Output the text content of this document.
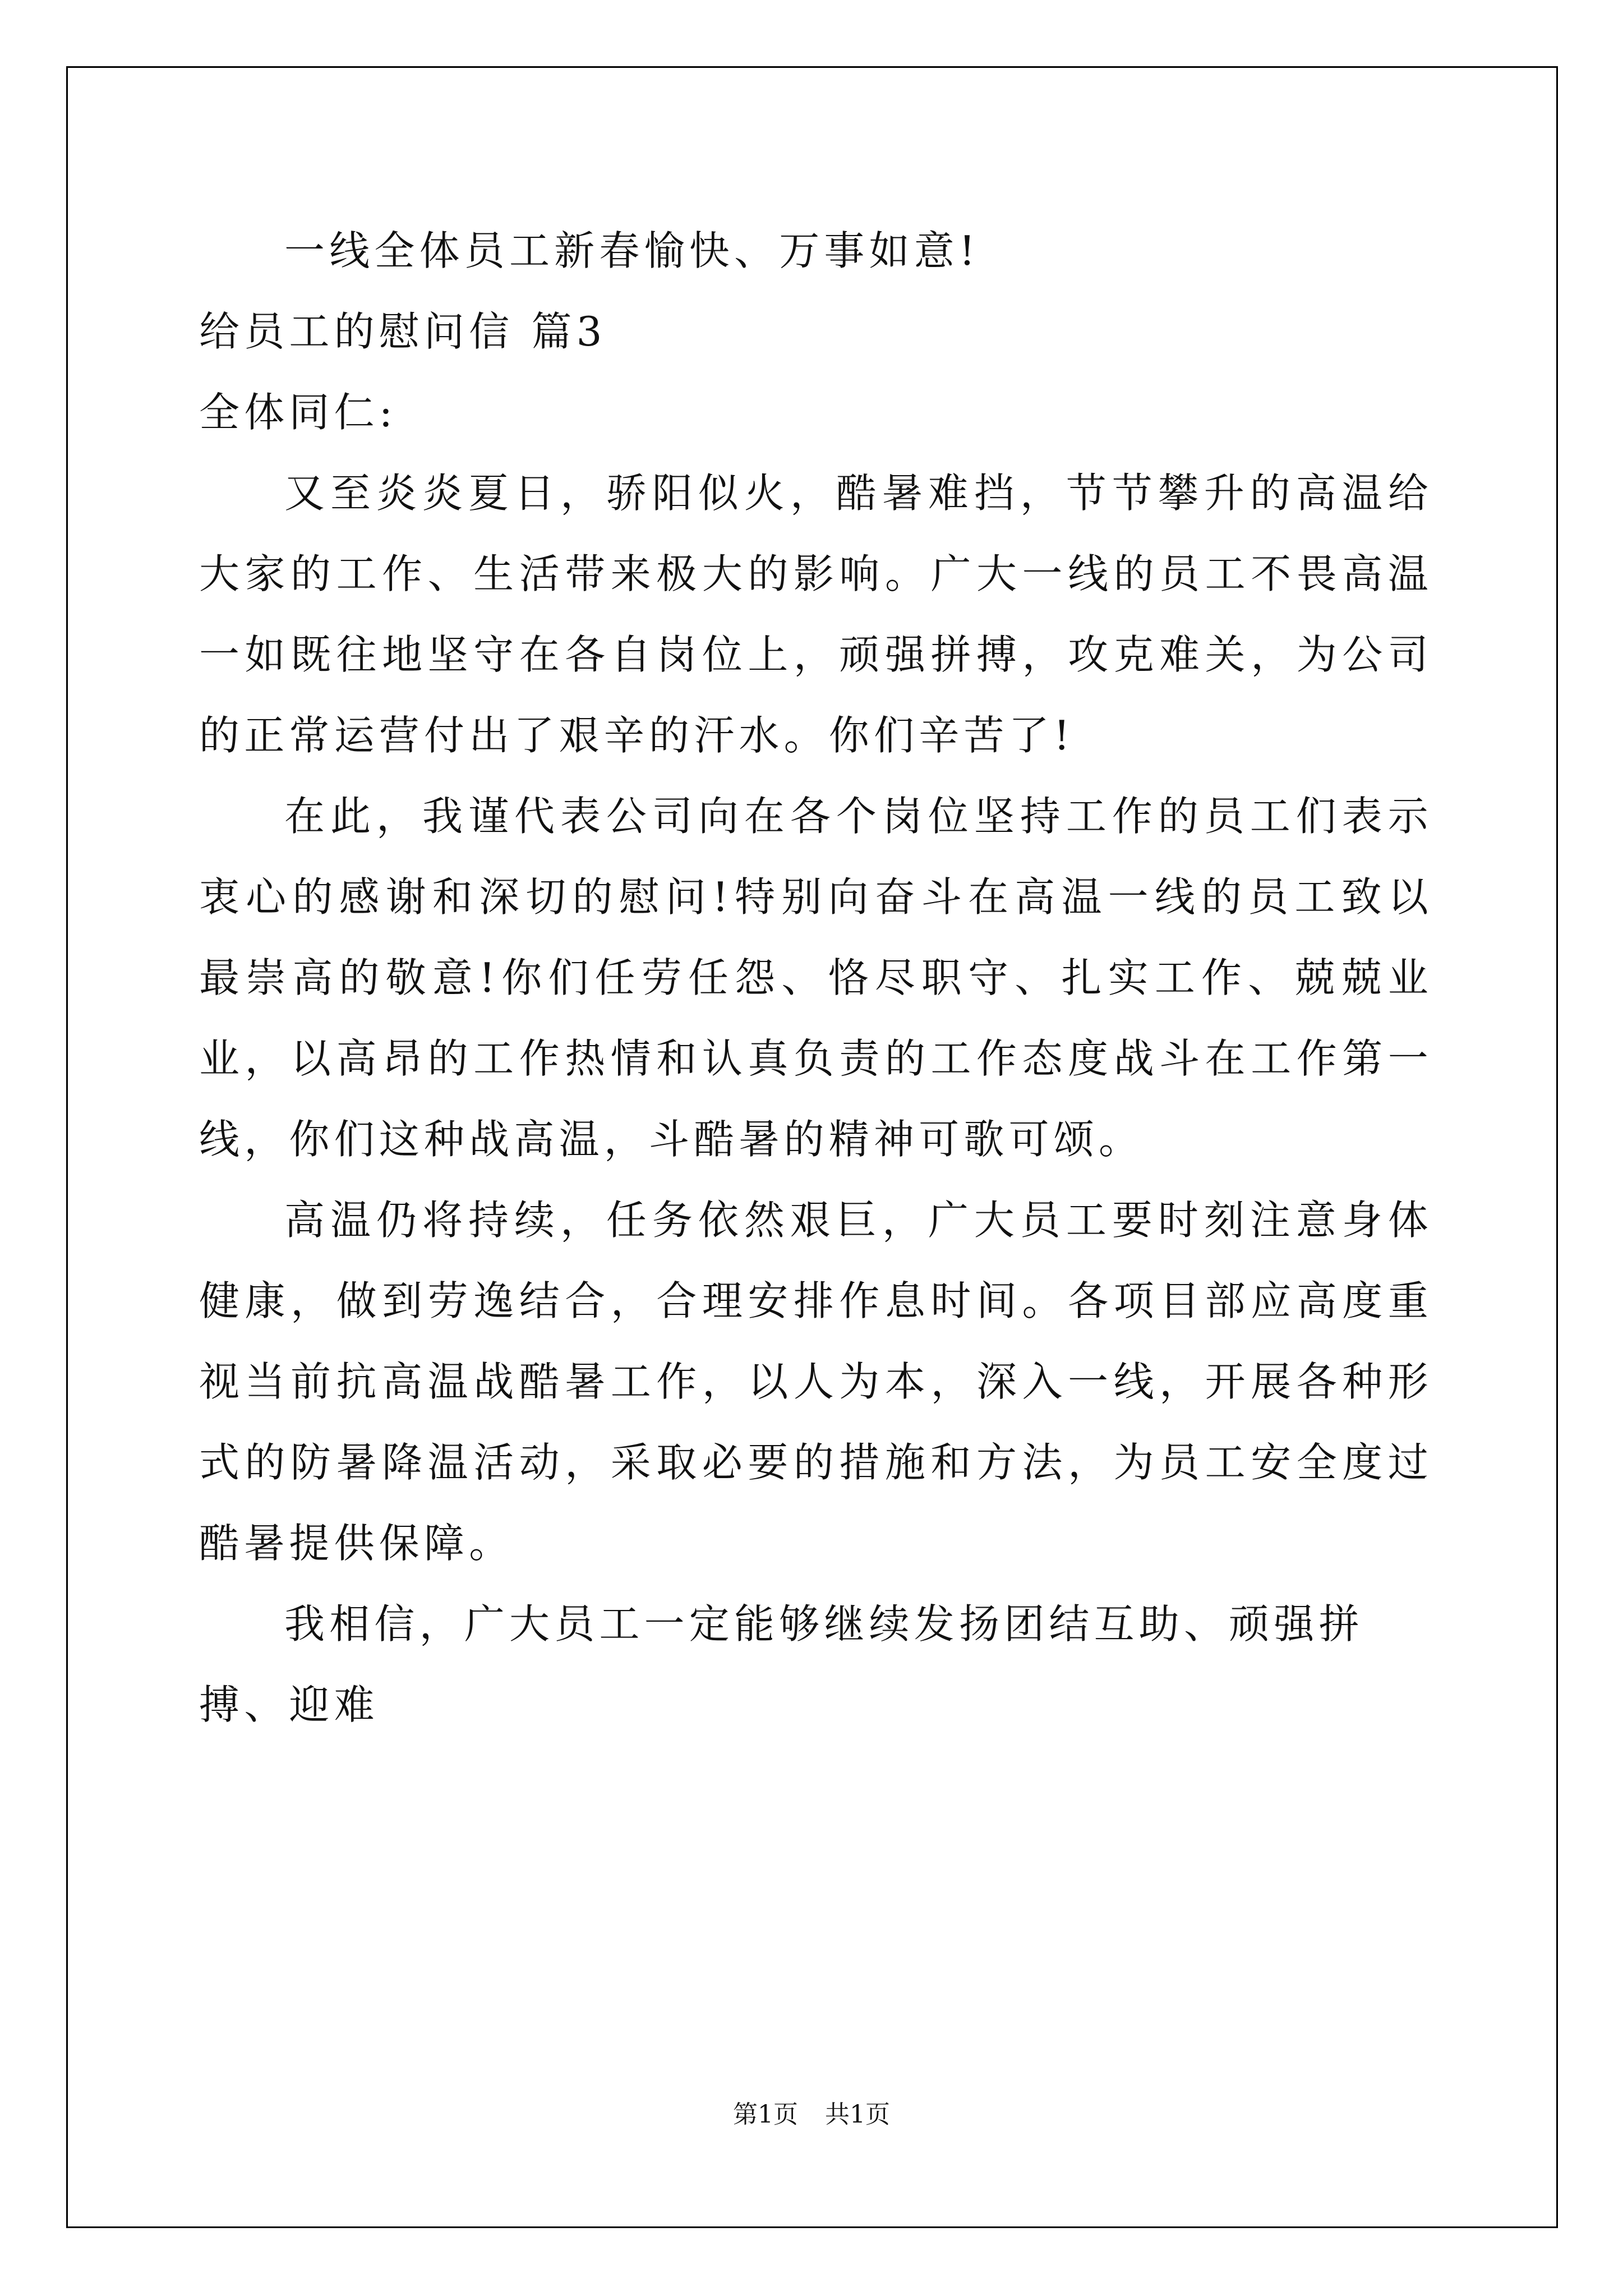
一线全体员工新春愉快、万事如意!

给员工的慰问信 篇3

全体同仁:

又至炎炎夏日，骄阳似火，酷暑难挡，节节攀升的高温给大家的工作、生活带来极大的影响。广大一线的员工不畏高温一如既往地坚守在各自岗位上，顽强拼搏，攻克难关，为公司的正常运营付出了艰辛的汗水。你们辛苦了!

在此，我谨代表公司向在各个岗位坚持工作的员工们表示衷心的感谢和深切的慰问!特别向奋斗在高温一线的员工致以最崇高的敬意!你们任劳任怨、恪尽职守、扎实工作、兢兢业业，以高昂的工作热情和认真负责的工作态度战斗在工作第一线，你们这种战高温，斗酷暑的精神可歌可颂。

高温仍将持续，任务依然艰巨，广大员工要时刻注意身体健康，做到劳逸结合，合理安排作息时间。各项目部应高度重视当前抗高温战酷暑工作，以人为本，深入一线，开展各种形式的防暑降温活动，采取必要的措施和方法，为员工安全度过酷暑提供保障。

我相信，广大员工一定能够继续发扬团结互助、顽强拼搏、迎难

第1页 共1页
